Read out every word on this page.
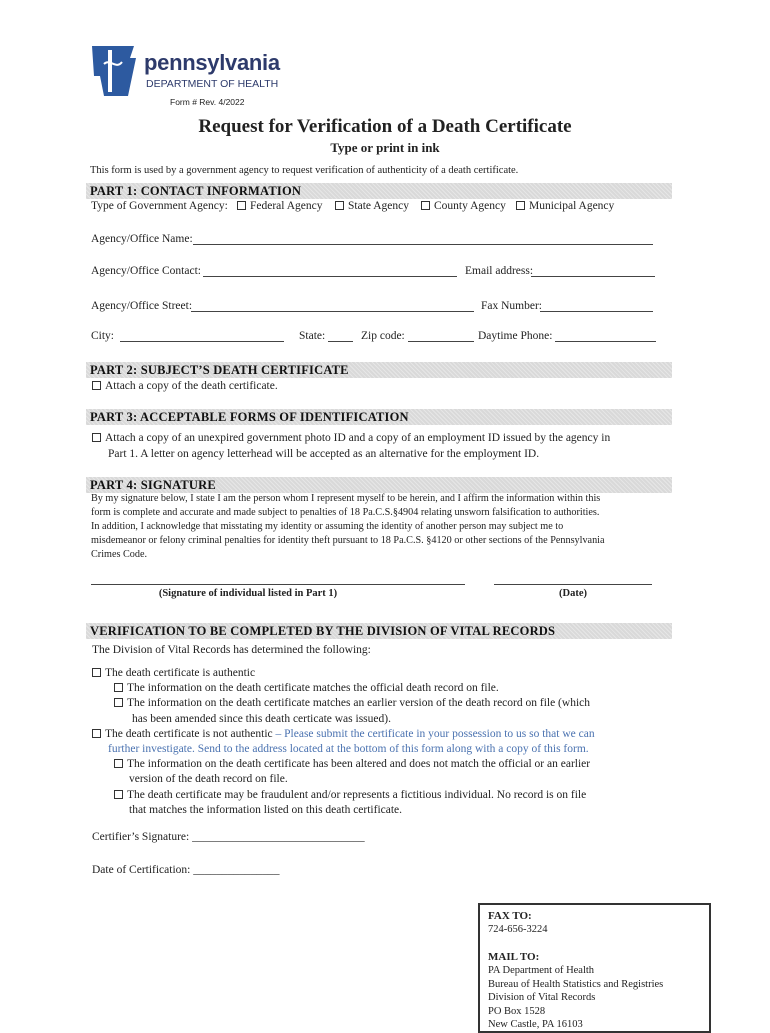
pennsylvania
DEPARTMENT OF HEALTH
Form # Rev. 4/2022
Request for Verification of a Death Certificate
Type or print in ink
This form is used by a government agency to request verification of authenticity of a death certificate.
PART 1: CONTACT INFORMATION
Type of Government Agency:	Federal Agency	State Agency	County Agency	Municipal Agency
Agency/Office Name:
Agency/Office Contact:	Email address:
Agency/Office Street:	Fax Number:
City:	State:	Zip code:	Daytime Phone:
PART 2: SUBJECT’S DEATH CERTIFICATE
Attach a copy of the death certificate.
PART 3: ACCEPTABLE FORMS OF IDENTIFICATION
Attach a copy of an unexpired government photo ID and a copy of an employment ID issued by the agency in
Part 1. A letter on agency letterhead will be accepted as an alternative for the employment ID.
PART 4: SIGNATURE
By my signature below, I state I am the person whom I represent myself to be herein, and I affirm the information within this
form is complete and accurate and made subject to penalties of 18 Pa.C.S.§4904 relating unsworn falsification to authorities.
In addition, I acknowledge that misstating my identity or assuming the identity of another person may subject me to
misdemeanor or felony criminal penalties for identity theft pursuant to 18 Pa.C.S. §4120 or other sections of the Pennsylvania
Crimes Code.
(Signature of individual listed in Part 1)	(Date)
VERIFICATION TO BE COMPLETED BY THE DIVISION OF VITAL RECORDS
The Division of Vital Records has determined the following:
The death certificate is authentic
The information on the death certificate matches the official death record on file.
The information on the death certificate matches an earlier version of the death record on file (which
has been amended since this death certicate was issued).
The death certificate is not authentic – Please submit the certificate in your possession to us so that we can
further investigate. Send to the address located at the bottom of this form along with a copy of this form.
The information on the death certificate has been altered and does not match the official or an earlier
version of the death record on file.
The death certificate may be fraudulent and/or represents a fictitious individual. No record is on file
that matches the information listed on this death certificate.
Certifier’s Signature: ______________________________
Date of Certification: _______________
FAX TO:
724-656-3224
MAIL TO:
PA Department of Health
Bureau of Health Statistics and Registries
Division of Vital Records
PO Box 1528
New Castle, PA 16103
